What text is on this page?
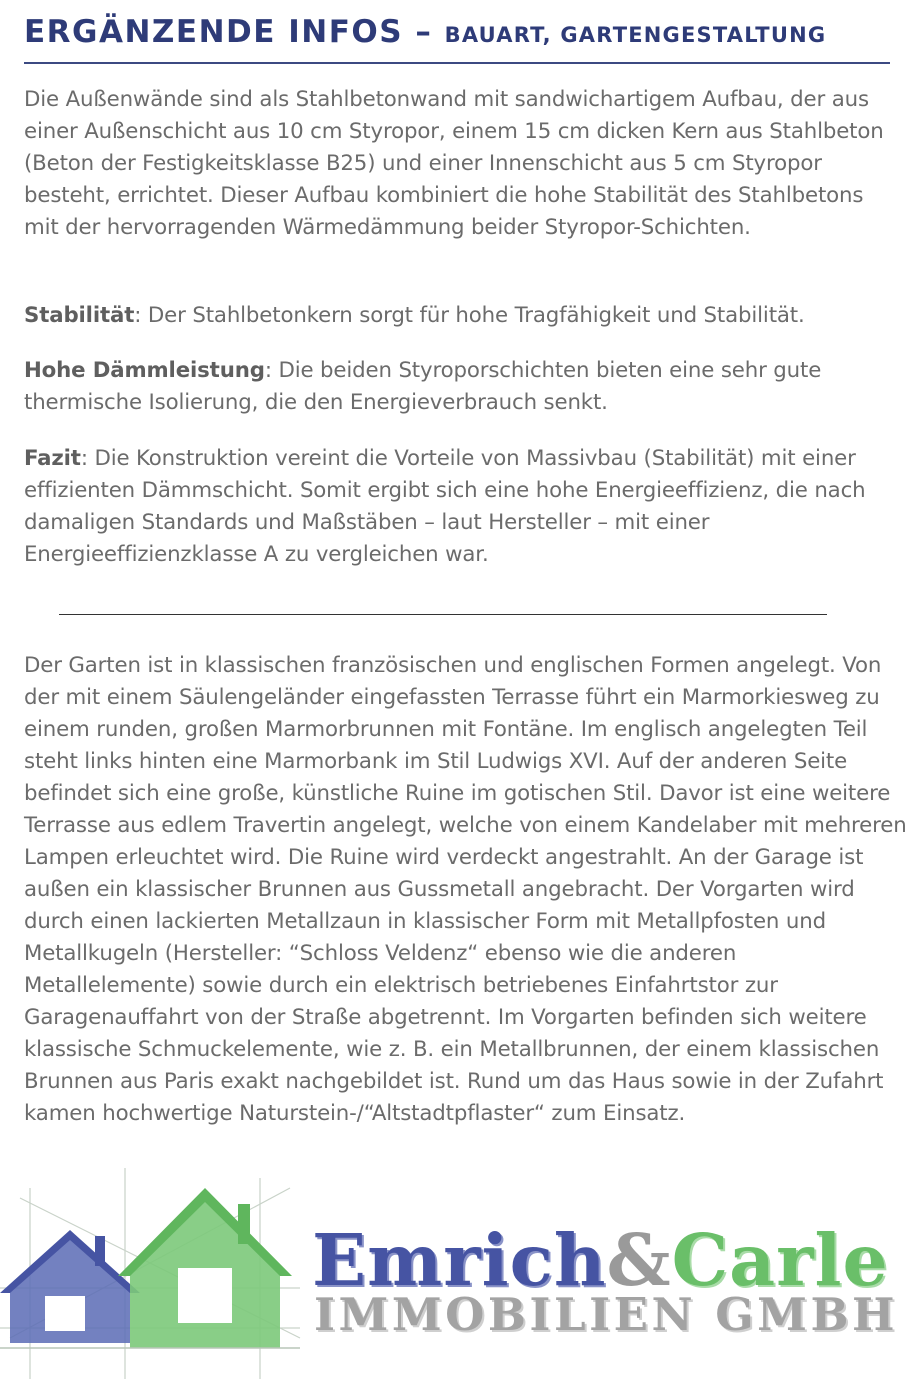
ERGÄNZENDE INFOS – BAUART, GARTENGESTALTUNG

Die Außenwände sind als Stahlbetonwand mit sandwichartigem Aufbau, der aus einer Außenschicht aus 10 cm Styropor, einem 15 cm dicken Kern aus Stahlbeton (Beton der Festigkeitsklasse B25) und einer Innenschicht aus 5 cm Styropor besteht, errichtet. Dieser Aufbau kombiniert die hohe Stabilität des Stahlbetons mit der hervorragenden Wärmedämmung beider Styropor-Schichten.

Stabilität: Der Stahlbetonkern sorgt für hohe Tragfähigkeit und Stabilität.

Hohe Dämmleistung: Die beiden Styroporschichten bieten eine sehr gute thermische Isolierung, die den Energieverbrauch senkt.

Fazit: Die Konstruktion vereint die Vorteile von Massivbau (Stabilität) mit einer effizienten Dämmschicht. Somit ergibt sich eine hohe Energieeffizienz, die nach damaligen Standards und Maßstäben – laut Hersteller – mit einer Energieeffizienzklasse A zu vergleichen war.

Der Garten ist in klassischen französischen und englischen Formen angelegt. Von der mit einem Säulengeländer eingefassten Terrasse führt ein Marmorkiesweg zu einem runden, großen Marmorbrunnen mit Fontäne. Im englisch angelegten Teil steht links hinten eine Marmorbank im Stil Ludwigs XVI. Auf der anderen Seite befindet sich eine große, künstliche Ruine im gotischen Stil. Davor ist eine weitere Terrasse aus edlem Travertin angelegt, welche von einem Kandelaber mit mehreren Lampen erleuchtet wird. Die Ruine wird verdeckt angestrahlt. An der Garage ist außen ein klassischer Brunnen aus Gussmetall angebracht. Der Vorgarten wird durch einen lackierten Metallzaun in klassischer Form mit Metallpfosten und Metallkugeln (Hersteller: “Schloss Veldenz“ ebenso wie die anderen Metallelemente) sowie durch ein elektrisch betriebenes Einfahrtstor zur Garagenauffahrt von der Straße abgetrennt. Im Vorgarten befinden sich weitere klassische Schmuckelemente, wie z. B. ein Metallbrunnen, der einem klassischen Brunnen aus Paris exakt nachgebildet ist. Rund um das Haus sowie in der Zufahrt kamen hochwertige Naturstein-/“Altstadtpflaster“ zum Einsatz.

Emrich&Carle
IMMOBILIEN GMBH
